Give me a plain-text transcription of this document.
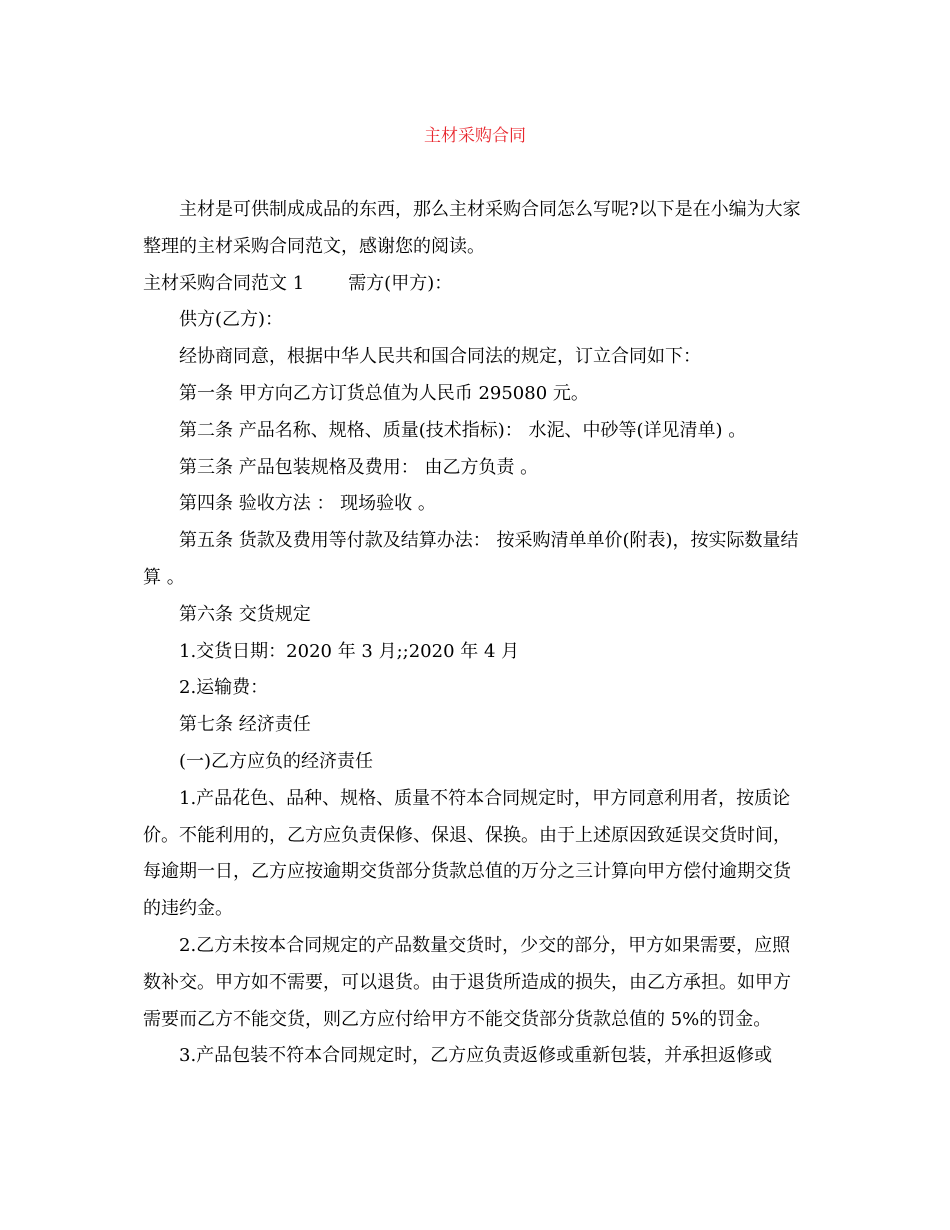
主材采购合同

主材是可供制成成品的东西，那么主材采购合同怎么写呢?以下是在小编为大家整理的主材采购合同范文，感谢您的阅读。

主材采购合同范文 1 需方(甲方)：

供方(乙方)：

经协商同意，根据中华人民共和国合同法的规定，订立合同如下：

第一条 甲方向乙方订货总值为人民币 295080 元。

第二条 产品名称、规格、质量(技术指标)： 水泥、中砂等(详见清单) 。

第三条 产品包装规格及费用： 由乙方负责 。

第四条 验收方法 ： 现场验收 。

第五条 货款及费用等付款及结算办法： 按采购清单单价(附表)，按实际数量结算 。

第六条 交货规定

1.交货日期：2020 年 3 月;;2020 年 4 月

2.运输费：

第七条 经济责任

(一)乙方应负的经济责任

1.产品花色、品种、规格、质量不符本合同规定时，甲方同意利用者，按质论价。不能利用的，乙方应负责保修、保退、保换。由于上述原因致延误交货时间，每逾期一日，乙方应按逾期交货部分货款总值的万分之三计算向甲方偿付逾期交货的违约金。

2.乙方未按本合同规定的产品数量交货时，少交的部分，甲方如果需要，应照数补交。甲方如不需要，可以退货。由于退货所造成的损失，由乙方承担。如甲方需要而乙方不能交货，则乙方应付给甲方不能交货部分货款总值的 5%的罚金。

3.产品包装不符本合同规定时，乙方应负责返修或重新包装，并承担返修或
